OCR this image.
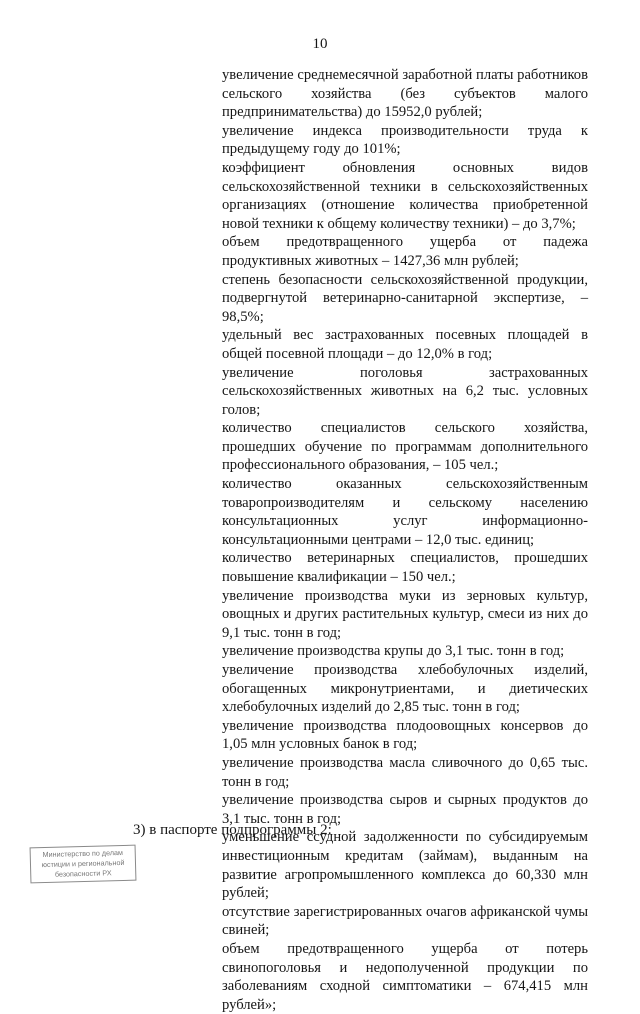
10

увеличение среднемесячной заработной платы работников сельского хозяйства (без субъектов малого предпринимательства) до 15952,0 рублей;

увеличение индекса производительности труда к предыдущему году до 101%;

коэффициент обновления основных видов сельскохозяйственной техники в сельскохозяйственных организациях (отношение количества приобретенной новой техники к общему количеству техники) – до 3,7%;

объем предотвращенного ущерба от падежа продуктивных животных – 1427,36 млн рублей;

степень безопасности сельскохозяйственной продукции, подвергнутой ветеринарно-санитарной экспертизе, – 98,5%;

удельный вес застрахованных посевных площадей в общей посевной площади – до 12,0% в год;

увеличение поголовья застрахованных сельскохозяйственных животных на 6,2 тыс. условных голов;

количество специалистов сельского хозяйства, прошедших обучение по программам дополнительного профессионального образования, – 105 чел.;

количество оказанных сельскохозяйственным товаропроизводителям и сельскому населению консультационных услуг информационно-консультационными центрами – 12,0 тыс. единиц;

количество ветеринарных специалистов, прошедших повышение квалификации – 150 чел.;

увеличение производства муки из зерновых культур, овощных и других растительных культур, смеси из них до 9,1 тыс. тонн в год;

увеличение производства крупы до 3,1 тыс. тонн в год;

увеличение производства хлебобулочных изделий, обогащенных микронутриентами, и диетических хлебобулочных изделий до 2,85 тыс. тонн в год;

увеличение производства плодоовощных консервов до 1,05 млн условных банок в год;

увеличение производства масла сливочного до 0,65 тыс. тонн в год;

увеличение производства сыров и сырных продуктов до 3,1 тыс. тонн в год;

уменьшение ссудной задолженности по субсидируемым инвестиционным кредитам (займам), выданным на развитие агропромышленного комплекса до 60,330 млн рублей;

отсутствие зарегистрированных очагов африканской чумы свиней;

объем предотвращенного ущерба от потерь свинопоголовья и недополученной продукции по заболеваниям сходной симптоматики – 674,415 млн рублей»;

3) в паспорте подпрограммы 2:
Министерство по делам
юстиции и региональной
безопасности РХ
